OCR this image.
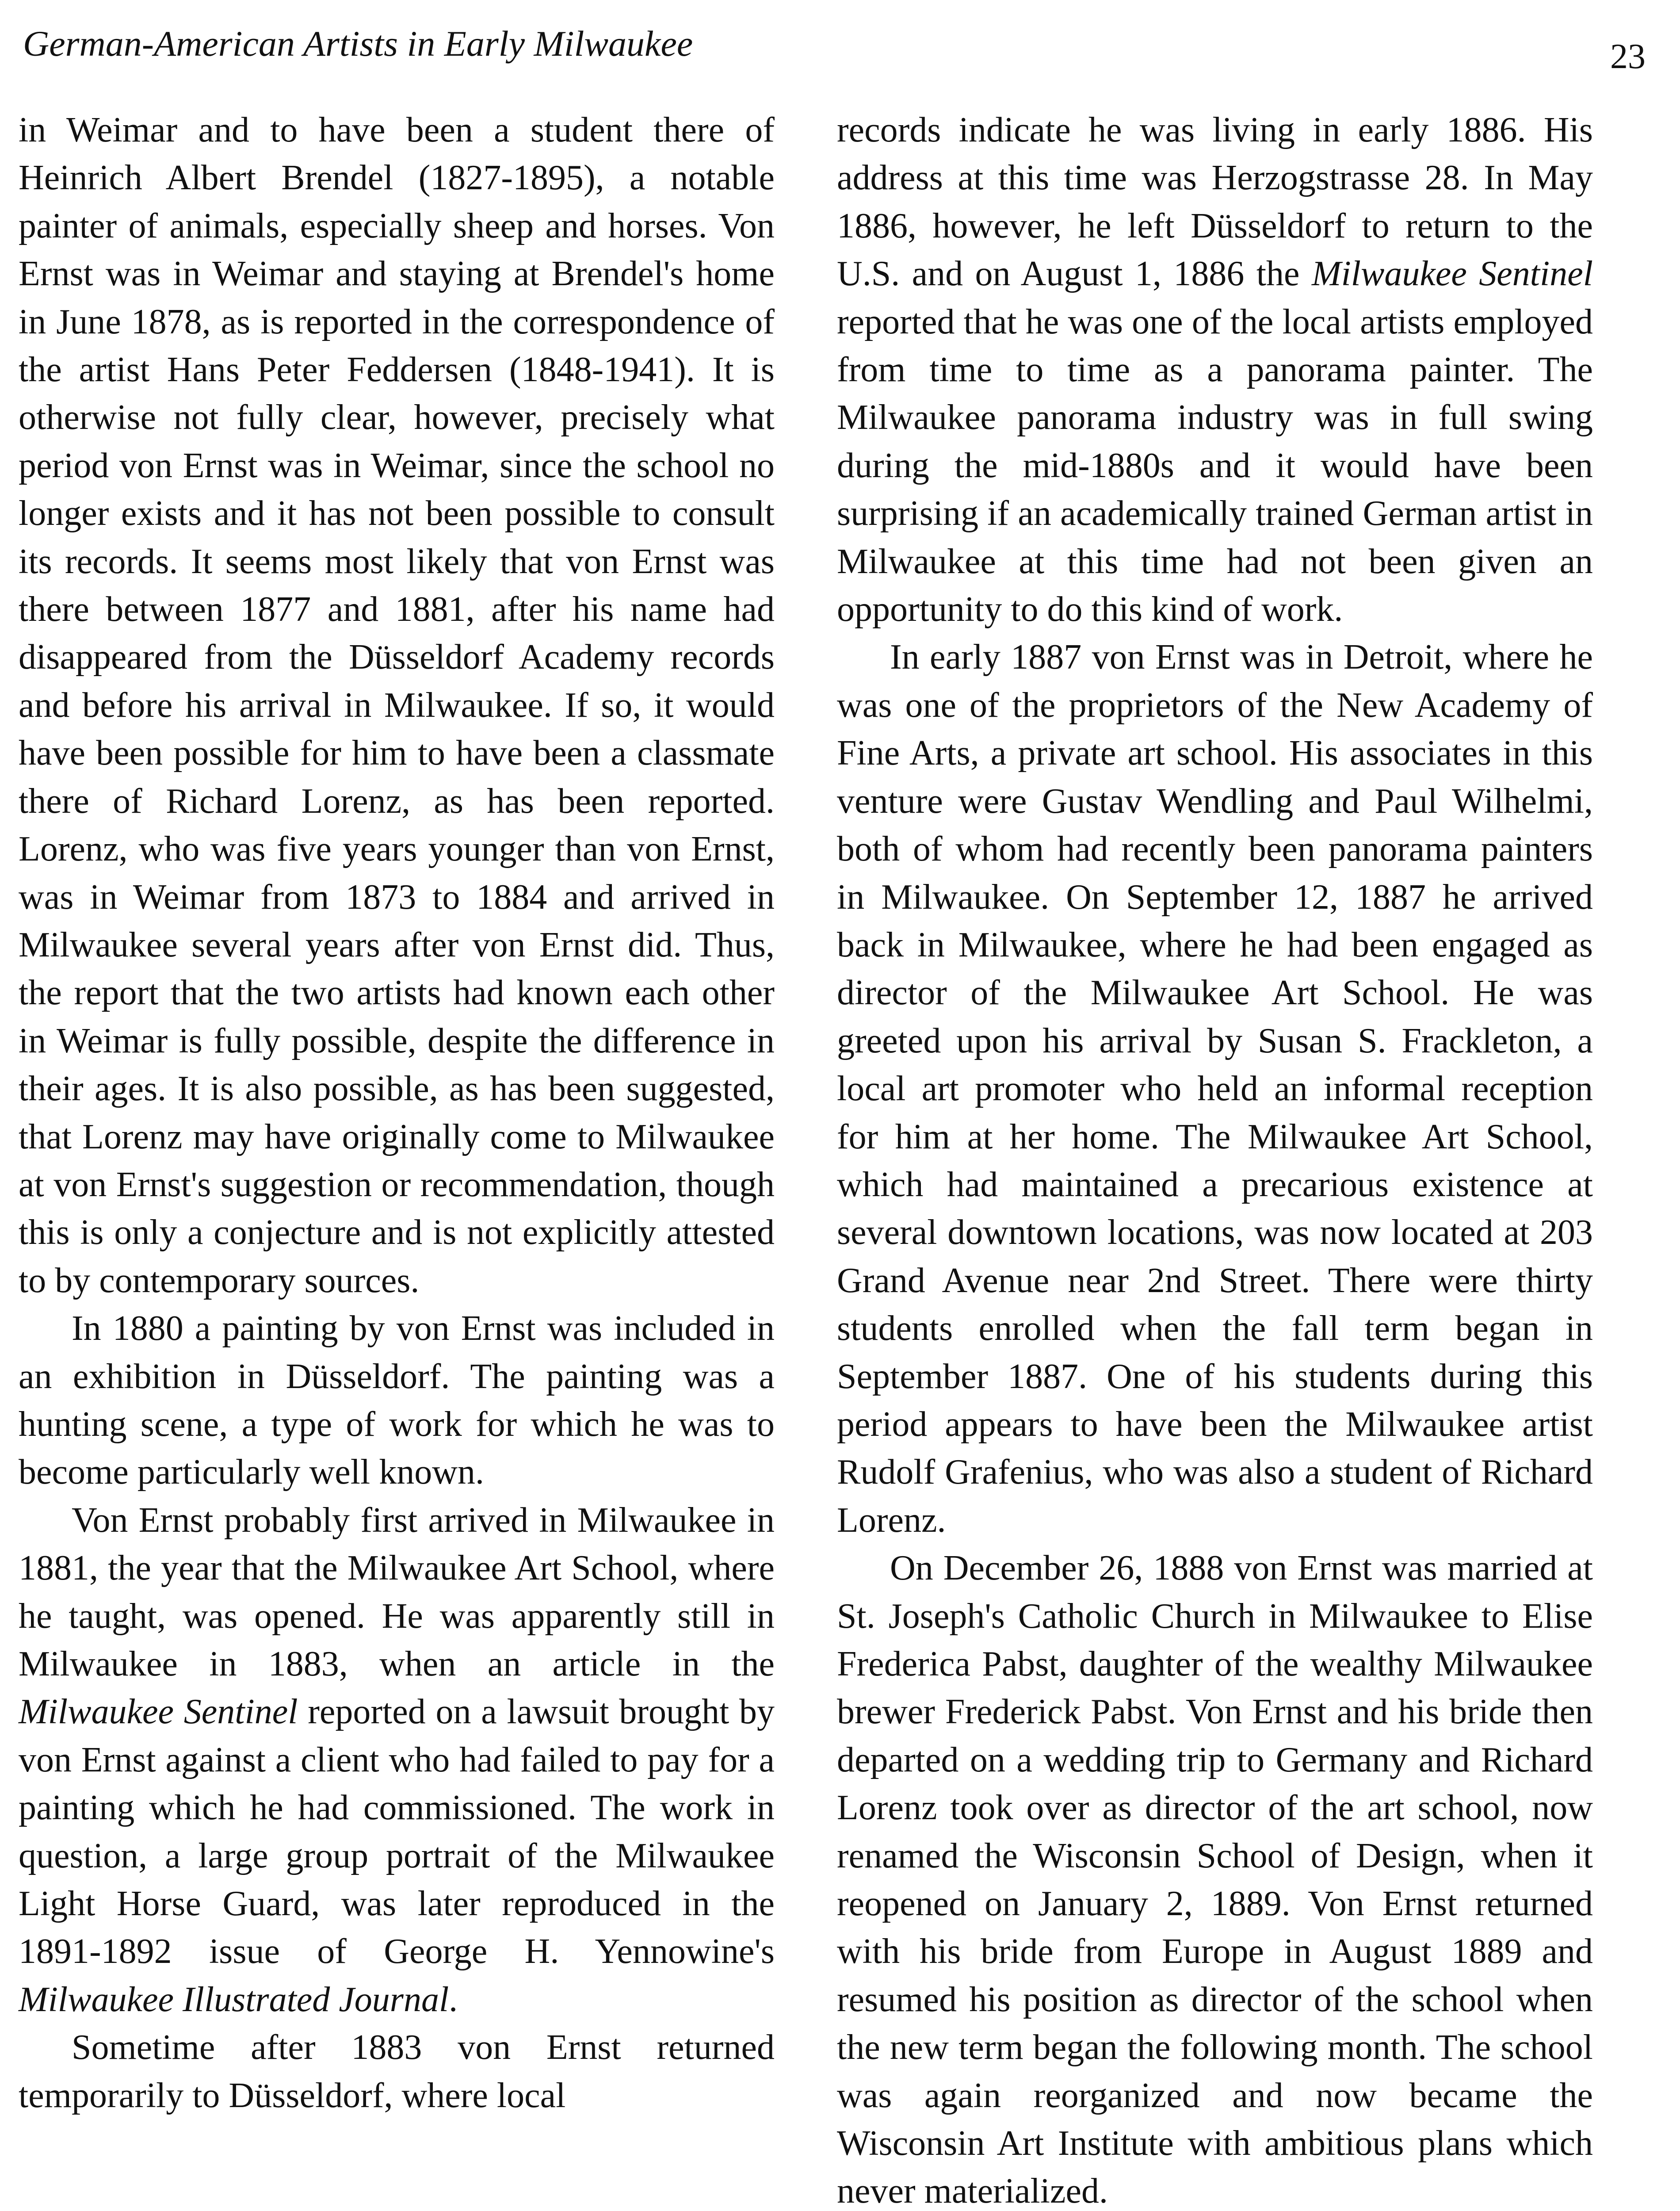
German-American Artists in Early Milwaukee	23

in Weimar and to have been a student there of Heinrich Albert Brendel (1827-1895), a notable painter of animals, especially sheep and horses. Von Ernst was in Weimar and staying at Brendel's home in June 1878, as is reported in the correspondence of the artist Hans Peter Feddersen (1848-1941). It is otherwise not fully clear, however, precisely what period von Ernst was in Weimar, since the school no longer exists and it has not been possible to consult its records. It seems most likely that von Ernst was there between 1877 and 1881, after his name had disappeared from the Düsseldorf Academy records and before his arrival in Milwaukee. If so, it would have been possible for him to have been a classmate there of Richard Lorenz, as has been reported. Lorenz, who was five years younger than von Ernst, was in Weimar from 1873 to 1884 and arrived in Milwaukee several years after von Ernst did. Thus, the report that the two artists had known each other in Weimar is fully possible, despite the difference in their ages. It is also possible, as has been suggested, that Lorenz may have originally come to Milwaukee at von Ernst's suggestion or recommendation, though this is only a conjecture and is not explicitly attested to by contemporary sources.

In 1880 a painting by von Ernst was included in an exhibition in Düsseldorf. The painting was a hunting scene, a type of work for which he was to become particularly well known.

Von Ernst probably first arrived in Milwaukee in 1881, the year that the Milwaukee Art School, where he taught, was opened. He was apparently still in Milwaukee in 1883, when an article in the Milwaukee Sentinel reported on a lawsuit brought by von Ernst against a client who had failed to pay for a painting which he had commissioned. The work in question, a large group portrait of the Milwaukee Light Horse Guard, was later reproduced in the 1891-1892 issue of George H. Yennowine's Milwaukee Illustrated Journal.

Sometime after 1883 von Ernst returned temporarily to Düsseldorf, where local

records indicate he was living in early 1886. His address at this time was Herzogstrasse 28. In May 1886, however, he left Düsseldorf to return to the U.S. and on August 1, 1886 the Milwaukee Sentinel reported that he was one of the local artists employed from time to time as a panorama painter. The Milwaukee panorama industry was in full swing during the mid-1880s and it would have been surprising if an academically trained German artist in Milwaukee at this time had not been given an opportunity to do this kind of work.

In early 1887 von Ernst was in Detroit, where he was one of the proprietors of the New Academy of Fine Arts, a private art school. His associates in this venture were Gustav Wendling and Paul Wilhelmi, both of whom had recently been panorama painters in Milwaukee. On September 12, 1887 he arrived back in Milwaukee, where he had been engaged as director of the Milwaukee Art School. He was greeted upon his arrival by Susan S. Frackleton, a local art promoter who held an informal reception for him at her home. The Milwaukee Art School, which had maintained a precarious existence at several downtown locations, was now located at 203 Grand Avenue near 2nd Street. There were thirty students enrolled when the fall term began in September 1887. One of his students during this period appears to have been the Milwaukee artist Rudolf Grafenius, who was also a student of Richard Lorenz.

On December 26, 1888 von Ernst was married at St. Joseph's Catholic Church in Milwaukee to Elise Frederica Pabst, daughter of the wealthy Milwaukee brewer Frederick Pabst. Von Ernst and his bride then departed on a wedding trip to Germany and Richard Lorenz took over as director of the art school, now renamed the Wisconsin School of Design, when it reopened on January 2, 1889. Von Ernst returned with his bride from Europe in August 1889 and resumed his position as director of the school when the new term began the following month. The school was again reorganized and now became the Wisconsin Art Institute with ambitious plans which never materialized.
